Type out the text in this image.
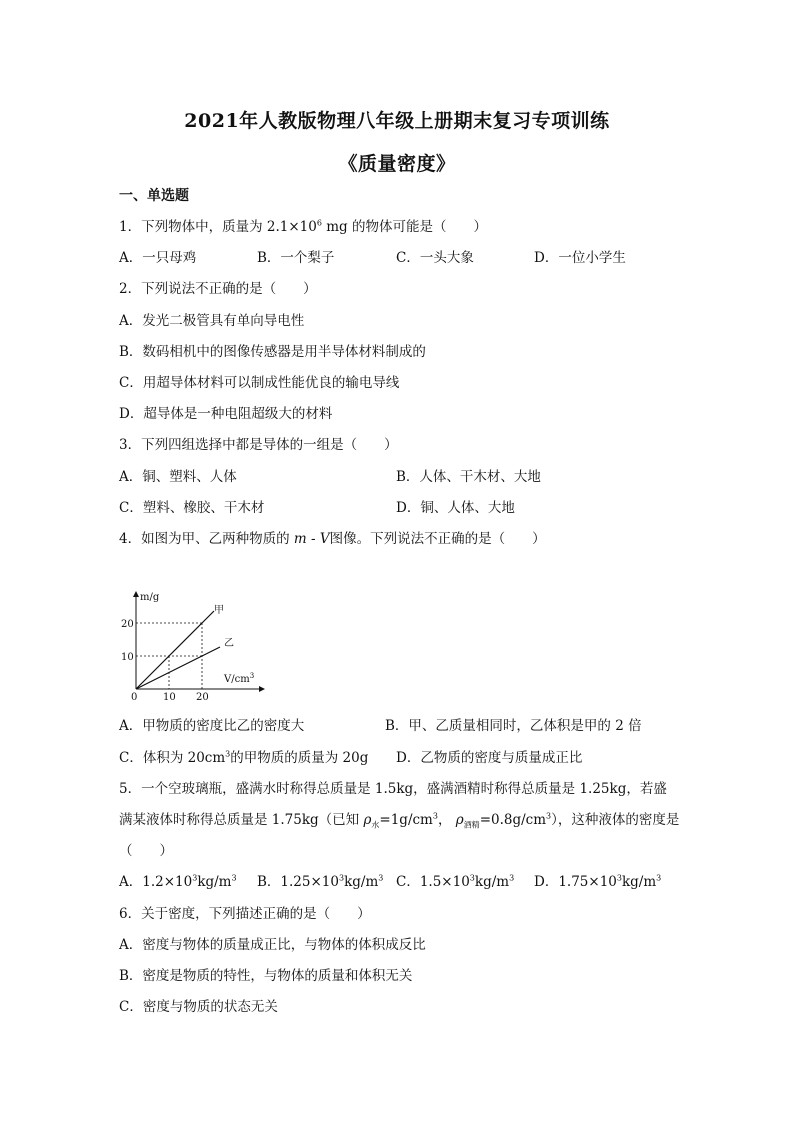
2021年人教版物理八年级上册期末复习专项训练
《质量密度》
一、单选题
1．下列物体中，质量为 $2.1\times 10^6$ mg 的物体可能是（　　）
A．一只母鸡	B．一个梨子	C．一头大象	D．一位小学生
2．下列说法不正确的是（　　）
A．发光二极管具有单向导电性
B．数码相机中的图像传感器是用半导体材料制成的
C．用超导体材料可以制成性能优良的输电导线
D．超导体是一种电阻超级大的材料
3．下列四组选择中都是导体的一组是（　　）
A．铜、塑料、人体	B．人体、干木材、大地
C．塑料、橡胶、干木材	D．铜、人体、大地
4．如图为甲、乙两种物质的 m - V图像。下列说法不正确的是（　　）
m/g
$V/cm^3$
0
10
20
10 20
甲
乙
A．甲物质的密度比乙的密度大	B．甲、乙质量相同时，乙体积是甲的 2 倍
C．体积为 $20cm^3$的甲物质的质量为 20g D．乙物质的密度与质量成正比
5．一个空玻璃瓶，盛满水时称得总质量是 1.5kg，盛满酒精时称得总质量是 1.25kg，若盛
满某液体时称得总质量是 1.75kg（已知 $\rho_水=1g/cm^3$， $\rho_{酒精}=0.8g/cm^3$），这种液体的密度是
（　　）
A．$1.2\times 10^3kg/m^3$ B．$1.25\times 10^3kg/m^3$ C．$1.5\times 10^3kg/m^3$ D．$1.75\times 10^3kg/m^3$
6．关于密度，下列描述正确的是（　　）
A．密度与物体的质量成正比，与物体的体积成反比
B．密度是物质的特性，与物体的质量和体积无关
C．密度与物质的状态无关
